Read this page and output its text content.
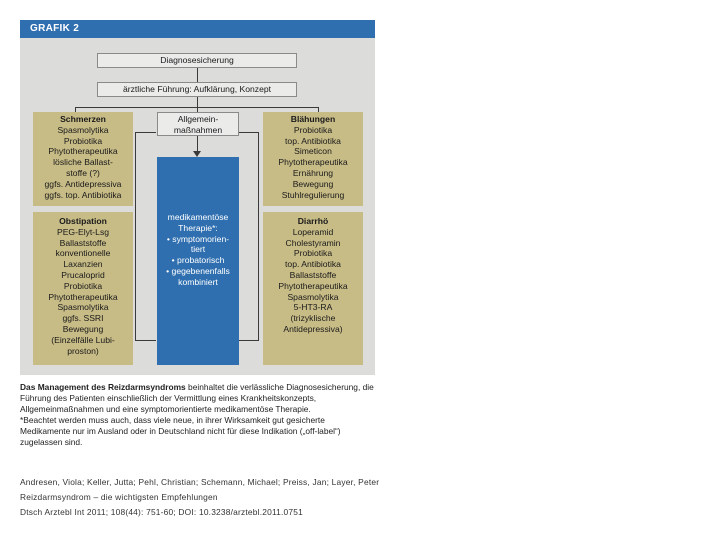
GRAFIK 2
Diagnosesicherung
ärztliche Führung: Aufklärung, Konzept
Schmerzen
Spasmolytika
Probiotika
Phytotherapeutika
lösliche Ballast-
stoffe (?)
ggfs. Antidepressiva
ggfs. top. Antibiotika
Allgemein-
maßnahmen
Blähungen
Probiotika
top. Antibiotika
Simeticon
Phytotherapeutika
Ernährung
Bewegung
Stuhlregulierung
medikamentöse
Therapie*:
• symptomorien-
tiert
• probatorisch
• gegebenenfalls
kombiniert
Obstipation
PEG-Elyt-Lsg
Ballaststoffe
konventionelle
Laxanzien
Prucaloprid
Probiotika
Phytotherapeutika
Spasmolytika
ggfs. SSRI
Bewegung
(Einzelfälle Lubi-
proston)
Diarrhö
Loperamid
Cholestyramin
Probiotika
top. Antibiotika
Ballaststoffe
Phytotherapeutika
Spasmolytika
5-HT3-RA
(trizyklische
Antidepressiva)
Das Management des Reizdarmsyndroms beinhaltet die verlässliche Diagnosesicherung, die Führung des Patienten einschließlich der Vermittlung eines Krankheitskonzepts, Allgemeinmaßnahmen und eine symptomorientierte medikamentöse Therapie.
*Beachtet werden muss auch, dass viele neue, in ihrer Wirksamkeit gut gesicherte Medikamente nur im Ausland oder in Deutschland nicht für diese Indikation („off-label“) zugelassen sind.
Andresen, Viola; Keller, Jutta; Pehl, Christian; Schemann, Michael; Preiss, Jan; Layer, Peter
Reizdarmsyndrom – die wichtigsten Empfehlungen
Dtsch Arztebl Int 2011; 108(44): 751-60; DOI: 10.3238/arztebl.2011.0751
